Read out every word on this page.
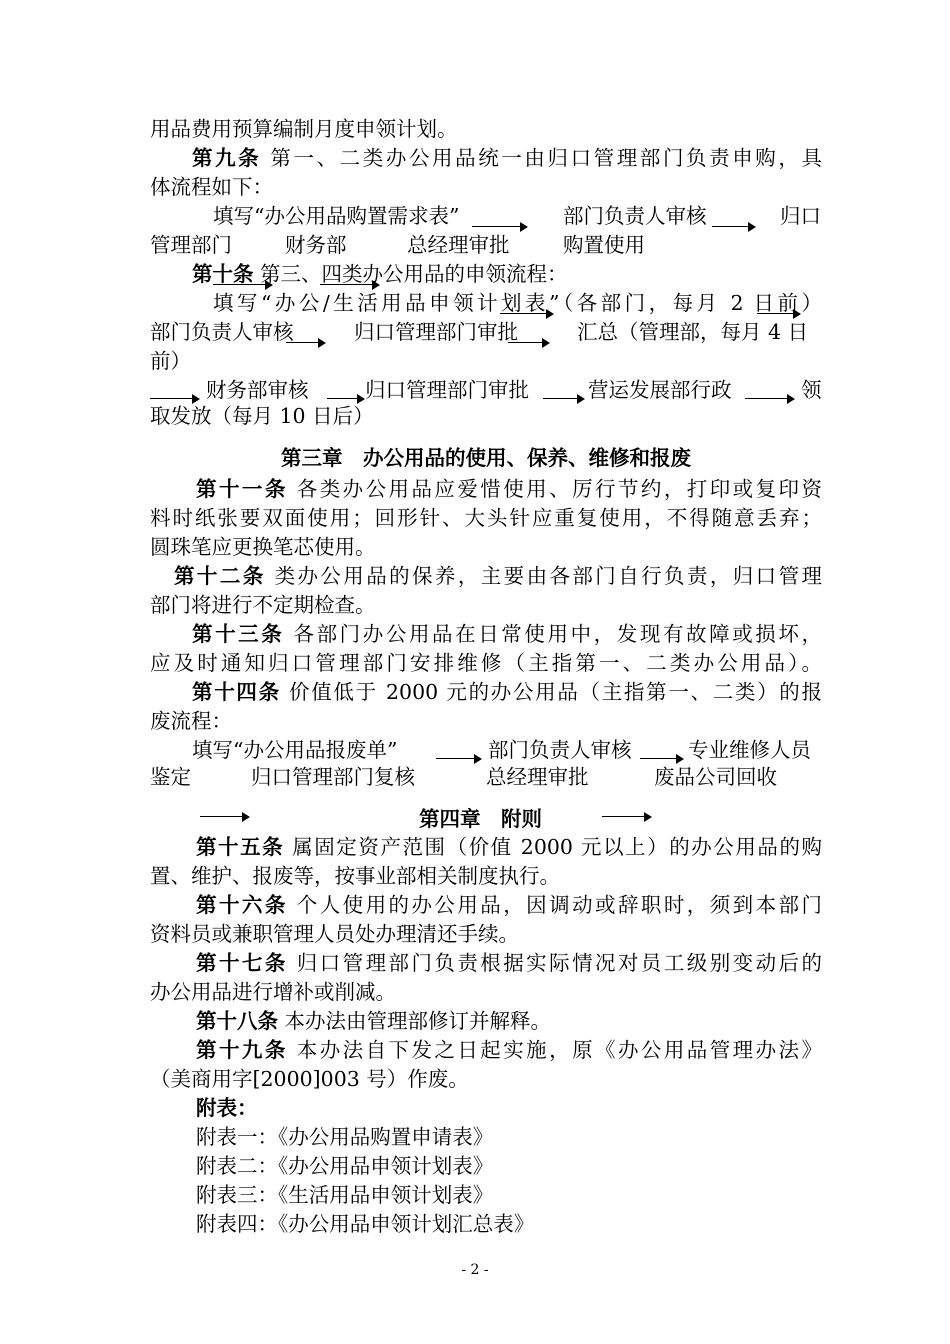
用品费用预算编制月度申领计划。
第九条 第一、二类办公用品统一由归口管理部门负责申购，具
体流程如下：
填写“办公用品购置需求表”	部门负责人审核	归口
管理部门	财务部	总经理审批	购置使用
第十条 第三、四类办公用品的申领流程：
填写“办公/生活用品申领计划表”（各部门，每月 2 日前）
部门负责人审核	归口管理部门审批	汇总（管理部，每月 4 日
前）
财务部审核	归口管理部门审批	营运发展部行政	领
取发放（每月 10 日后）
第三章　办公用品的使用、保养、维修和报废
第十一条 各类办公用品应爱惜使用、厉行节约，打印或复印资
料时纸张要双面使用；回形针、大头针应重复使用，不得随意丢弃；
圆珠笔应更换笔芯使用。
第十二条 类办公用品的保养，主要由各部门自行负责，归口管理
部门将进行不定期检查。
第十三条 各部门办公用品在日常使用中，发现有故障或损坏，
应及时通知归口管理部门安排维修（主指第一、二类办公用品）。
第十四条 价值低于 2000 元的办公用品（主指第一、二类）的报
废流程：
填写“办公用品报废单”	部门负责人审核	专业维修人员
鉴定	归口管理部门复核	总经理审批	废品公司回收
第四章　附则
第十五条 属固定资产范围（价值 2000 元以上）的办公用品的购
置、维护、报废等，按事业部相关制度执行。
第十六条 个人使用的办公用品，因调动或辞职时，须到本部门
资料员或兼职管理人员处办理清还手续。
第十七条 归口管理部门负责根据实际情况对员工级别变动后的
办公用品进行增补或削减。
第十八条 本办法由管理部修订并解释。
第十九条 本办法自下发之日起实施，原《办公用品管理办法》
（美商用字[2000]003 号）作废。
附表：
附表一：《办公用品购置申请表》
附表二：《办公用品申领计划表》
附表三：《生活用品申领计划表》
附表四：《办公用品申领计划汇总表》
- 2 -
